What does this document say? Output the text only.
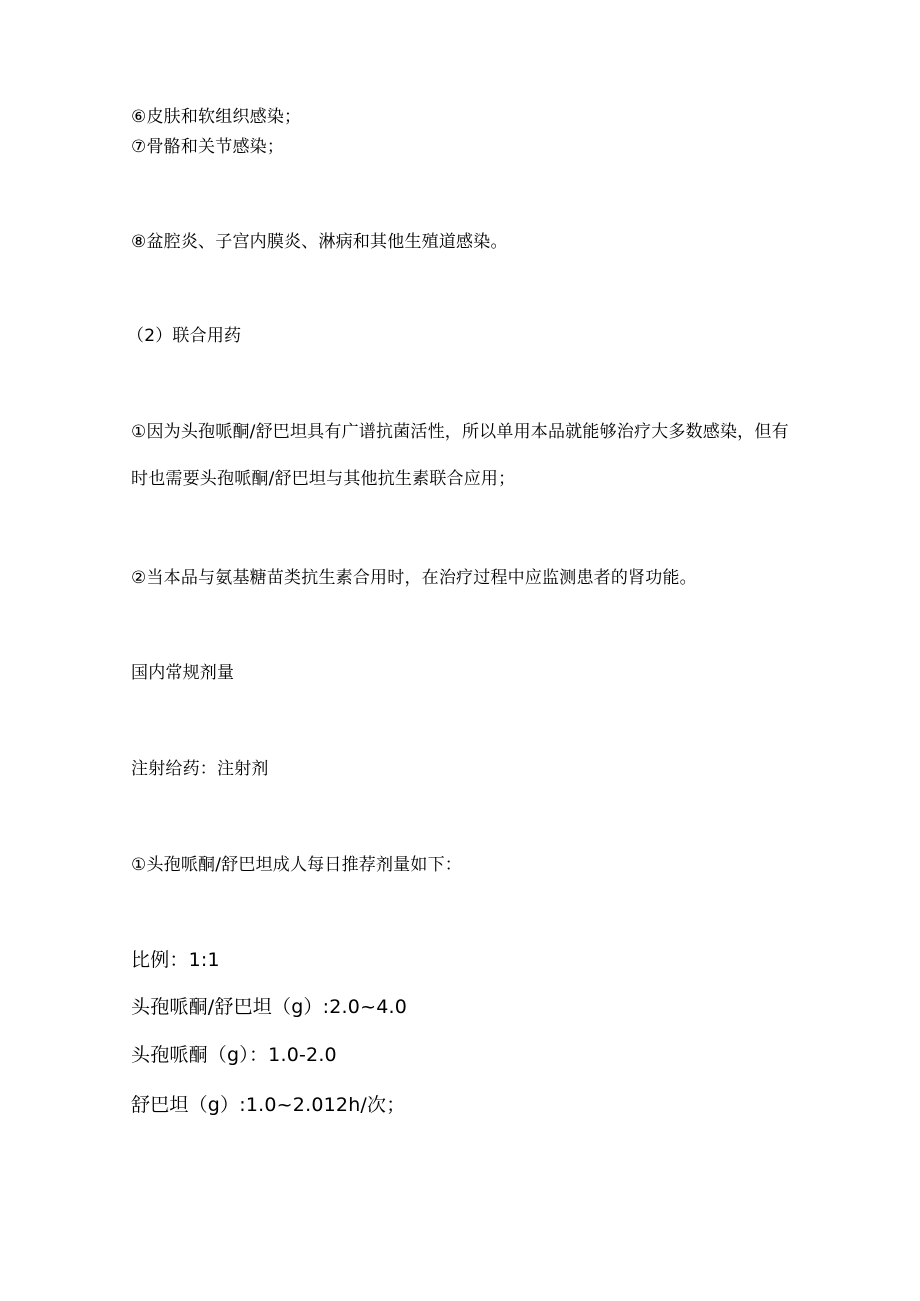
⑥皮肤和软组织感染；
⑦骨骼和关节感染；
⑧盆腔炎、子宫内膜炎、淋病和其他生殖道感染。
（2）联合用药
①因为头孢哌酮/舒巴坦具有广谱抗菌活性，所以单用本品就能够治疗大多数感染，但有
时也需要头孢哌酮/舒巴坦与其他抗生素联合应用；
②当本品与氨基糖苗类抗生素合用时，在治疗过程中应监测患者的肾功能。
国内常规剂量
注射给药：注射剂
①头孢哌酮/舒巴坦成人每日推荐剂量如下：
比例：1:1
头孢哌酮/舒巴坦（g）:2.0~4.0
头孢哌酮（g）：1.0-2.0
舒巴坦（g）:1.0~2.012h/次；
